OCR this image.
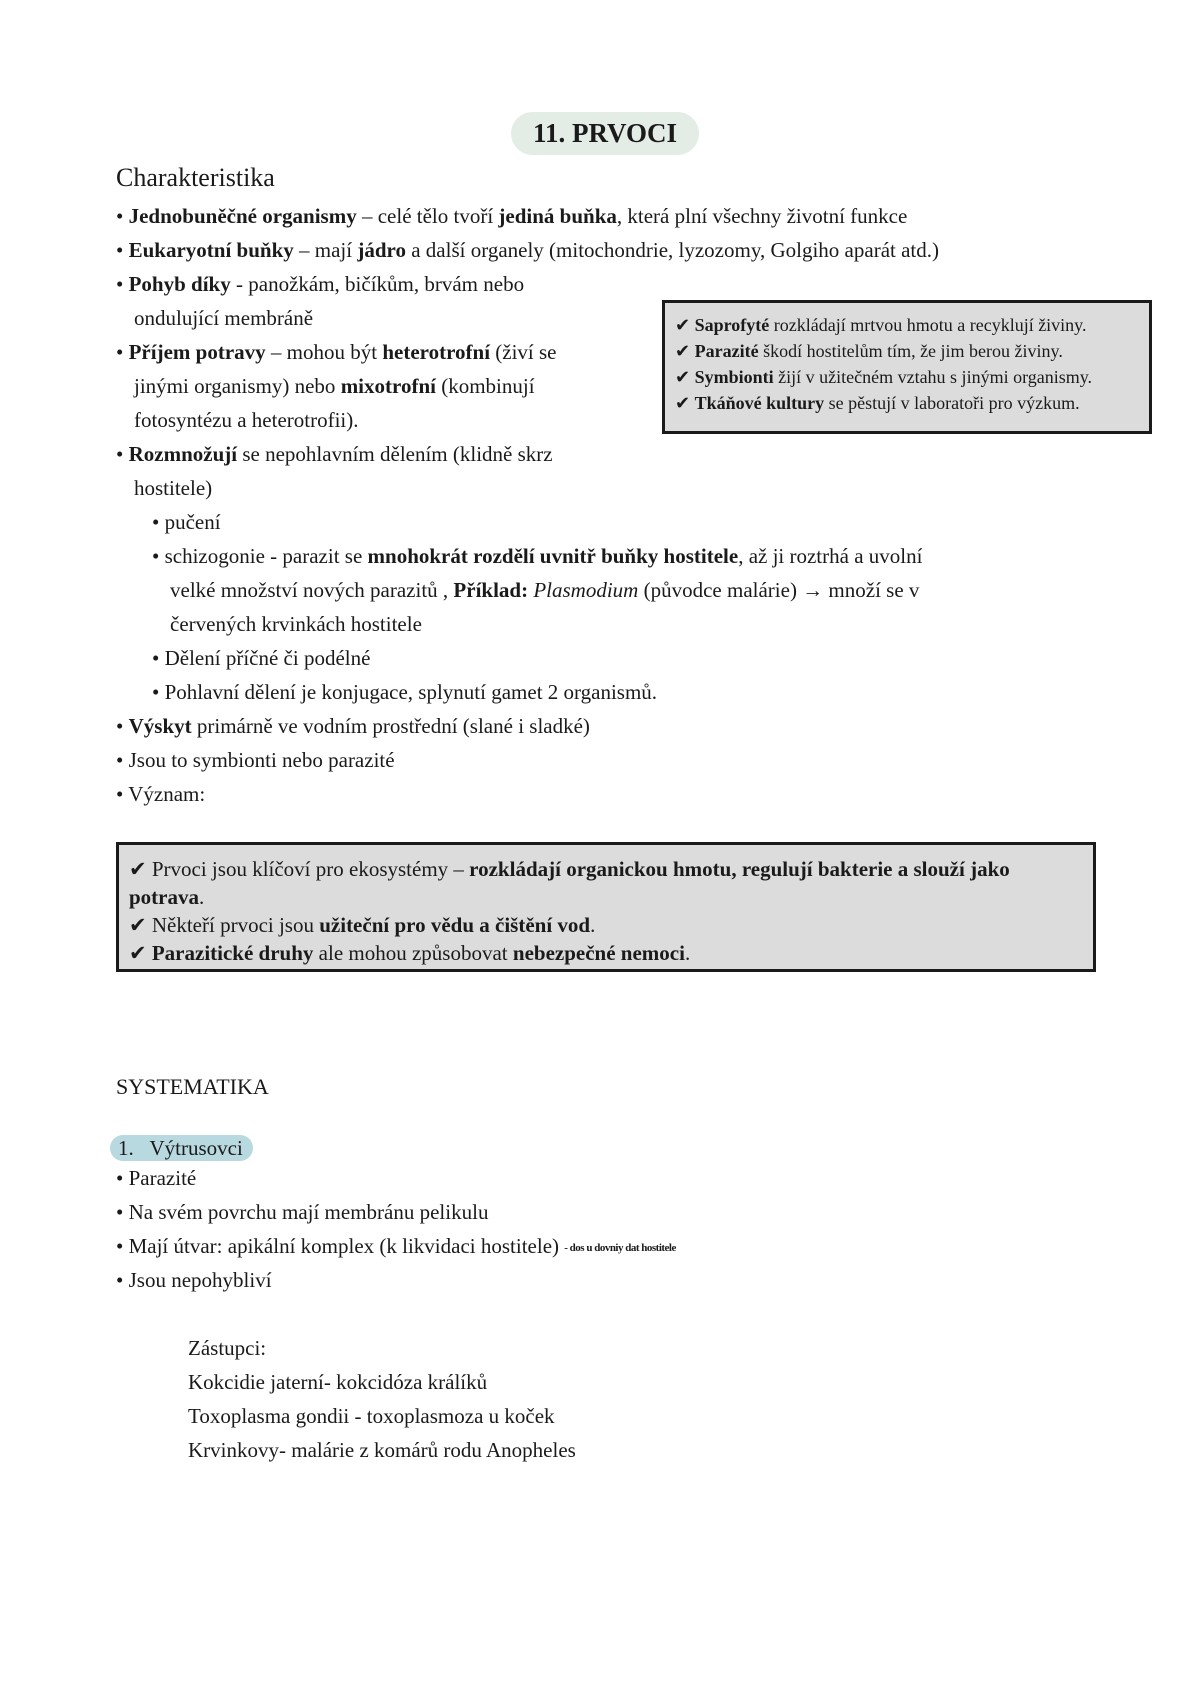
11. PRVOCI
Charakteristika
• Jednobuněčné organismy – celé tělo tvoří jediná buňka, která plní všechny životní funkce
• Eukaryotní buňky – mají jádro a další organely (mitochondrie, lyzozomy, Golgiho aparát atd.)
• Pohyb díky - panožkám, bičíkům, brvám nebo
ondulující membráně
• Příjem potravy – mohou být heterotrofní (živí se
jinými organismy) nebo mixotrofní (kombinují
fotosyntézu a heterotrofii).
• Rozmnožují se nepohlavním dělením (klidně skrz
hostitele)
• pučení
• schizogonie - parazit se mnohokrát rozdělí uvnitř buňky hostitele, až ji roztrhá a uvolní
velké množství nových parazitů , Příklad: Plasmodium (původce malárie) → množí se v
červených krvinkách hostitele
• Dělení příčné či podélné
• Pohlavní dělení je konjugace, splynutí gamet 2 organismů.
• Výskyt primárně ve vodním prostřední (slané i sladké)
• Jsou to symbionti nebo parazité
• Význam:
✔ Saprofyté rozkládají mrtvou hmotu a recyklují živiny.
✔ Parazité škodí hostitelům tím, že jim berou živiny.
✔ Symbionti žijí v užitečném vztahu s jinými organismy.
✔ Tkáňové kultury se pěstují v laboratoři pro výzkum.
✔ Prvoci jsou klíčoví pro ekosystémy – rozkládají organickou hmotu, regulují bakterie a slouží jako potrava.
✔ Někteří prvoci jsou užiteční pro vědu a čištění vod.
✔ Parazitické druhy ale mohou způsobovat nebezpečné nemoci.
SYSTEMATIKA
1. Výtrusovci
• Parazité
• Na svém povrchu mají membránu pelikulu
• Mají útvar: apikální komplex (k likvidaci hostitele) - dos u dovniy dat hostitele
• Jsou nepohybliví
Zástupci:
Kokcidie jaterní- kokcidóza králíků
Toxoplasma gondii - toxoplasmoza u koček
Krvinkovy- malárie z komárů rodu Anopheles
